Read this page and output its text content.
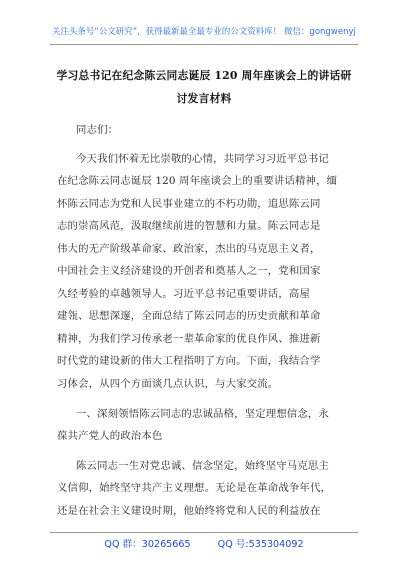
关注头条号“公文研究”，获得最新最全最专业的公文资料库！ 微信：gongwenyj
学习总书记在纪念陈云同志诞辰 120 周年座谈会上的讲话研
讨发言材料
同志们：
今天我们怀着无比崇敬的心情，共同学习习近平总书记
在纪念陈云同志诞辰 120 周年座谈会上的重要讲话精神，缅
怀陈云同志为党和人民事业建立的不朽功勋，追思陈云同
志的崇高风范，汲取继续前进的智慧和力量。陈云同志是
伟大的无产阶级革命家、政治家，杰出的马克思主义者，
中国社会主义经济建设的开创者和奠基人之一，党和国家
久经考验的卓越领导人。习近平总书记重要讲话，高屋
建瓴、思想深邃，全面总结了陈云同志的历史贡献和革命
精神，为我们学习传承老一辈革命家的优良作风、推进新
时代党的建设新的伟大工程指明了方向。下面，我结合学
习体会，从四个方面谈几点认识，与大家交流。
一、深刻领悟陈云同志的忠诚品格，坚定理想信念，永
葆共产党人的政治本色
陈云同志一生对党忠诚、信念坚定，始终坚守马克思主
义信仰，始终坚守共产主义理想。无论是在革命战争年代，
还是在社会主义建设时期，他始终将党和人民的利益放在
QQ 群：30265665	QQ 号:535304092
